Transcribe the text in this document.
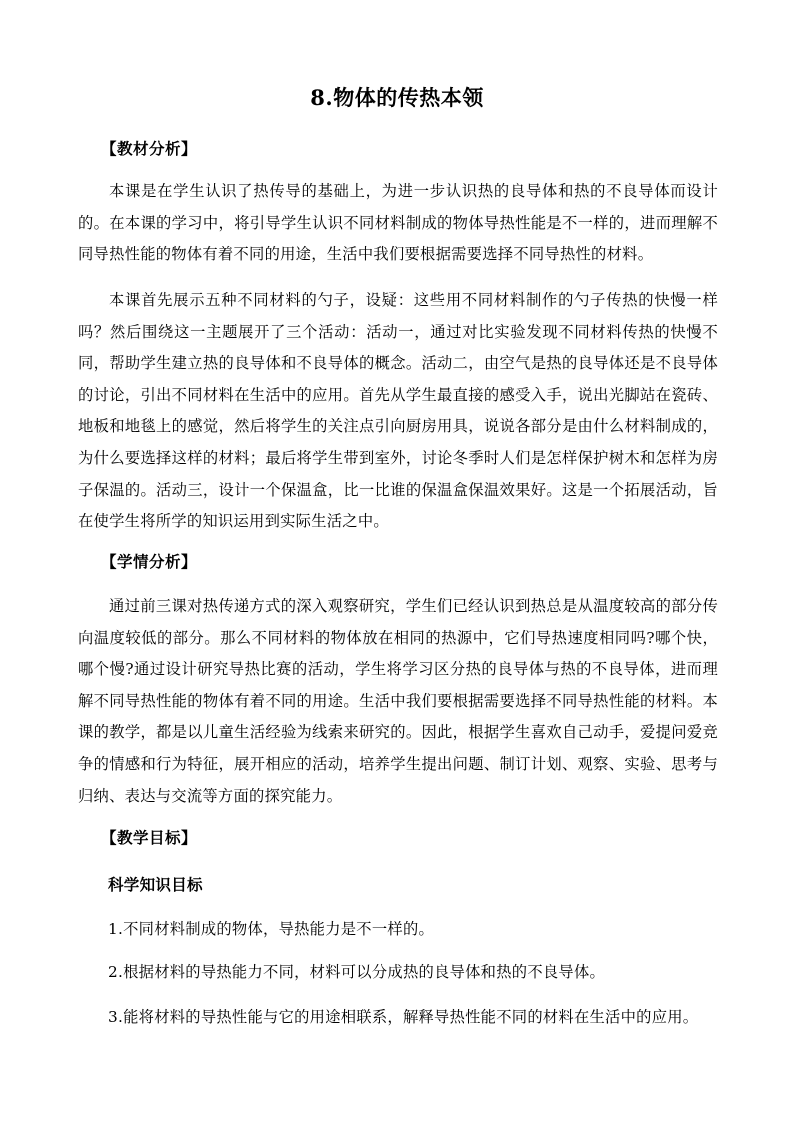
8.物体的传热本领
【教材分析】

本课是在学生认识了热传导的基础上，为进一步认识热的良导体和热的不良导体而设计的。在本课的学习中，将引导学生认识不同材料制成的物体导热性能是不一样的，进而理解不同导热性能的物体有着不同的用途，生活中我们要根据需要选择不同导热性的材料。

本课首先展示五种不同材料的勺子，设疑：这些用不同材料制作的勺子传热的快慢一样吗？然后围绕这一主题展开了三个活动：活动一，通过对比实验发现不同材料传热的快慢不同，帮助学生建立热的良导体和不良导体的概念。活动二，由空气是热的良导体还是不良导体的讨论，引出不同材料在生活中的应用。首先从学生最直接的感受入手，说出光脚站在瓷砖、地板和地毯上的感觉，然后将学生的关注点引向厨房用具，说说各部分是由什么材料制成的，为什么要选择这样的材料；最后将学生带到室外，讨论冬季时人们是怎样保护树木和怎样为房子保温的。活动三，设计一个保温盒，比一比谁的保温盒保温效果好。这是一个拓展活动，旨在使学生将所学的知识运用到实际生活之中。

【学情分析】

通过前三课对热传递方式的深入观察研究，学生们已经认识到热总是从温度较高的部分传向温度较低的部分。那么不同材料的物体放在相同的热源中，它们导热速度相同吗?哪个快，哪个慢?通过设计研究导热比赛的活动，学生将学习区分热的良导体与热的不良导体，进而理解不同导热性能的物体有着不同的用途。生活中我们要根据需要选择不同导热性能的材料。本课的教学，都是以儿童生活经验为线索来研究的。因此，根据学生喜欢自己动手，爱提问爱竞争的情感和行为特征，展开相应的活动，培养学生提出问题、制订计划、观察、实验、思考与归纳、表达与交流等方面的探究能力。

【教学目标】
科学知识目标
1.不同材料制成的物体，导热能力是不一样的。
2.根据材料的导热能力不同，材料可以分成热的良导体和热的不良导体。
3.能将材料的导热性能与它的用途相联系，解释导热性能不同的材料在生活中的应用。
